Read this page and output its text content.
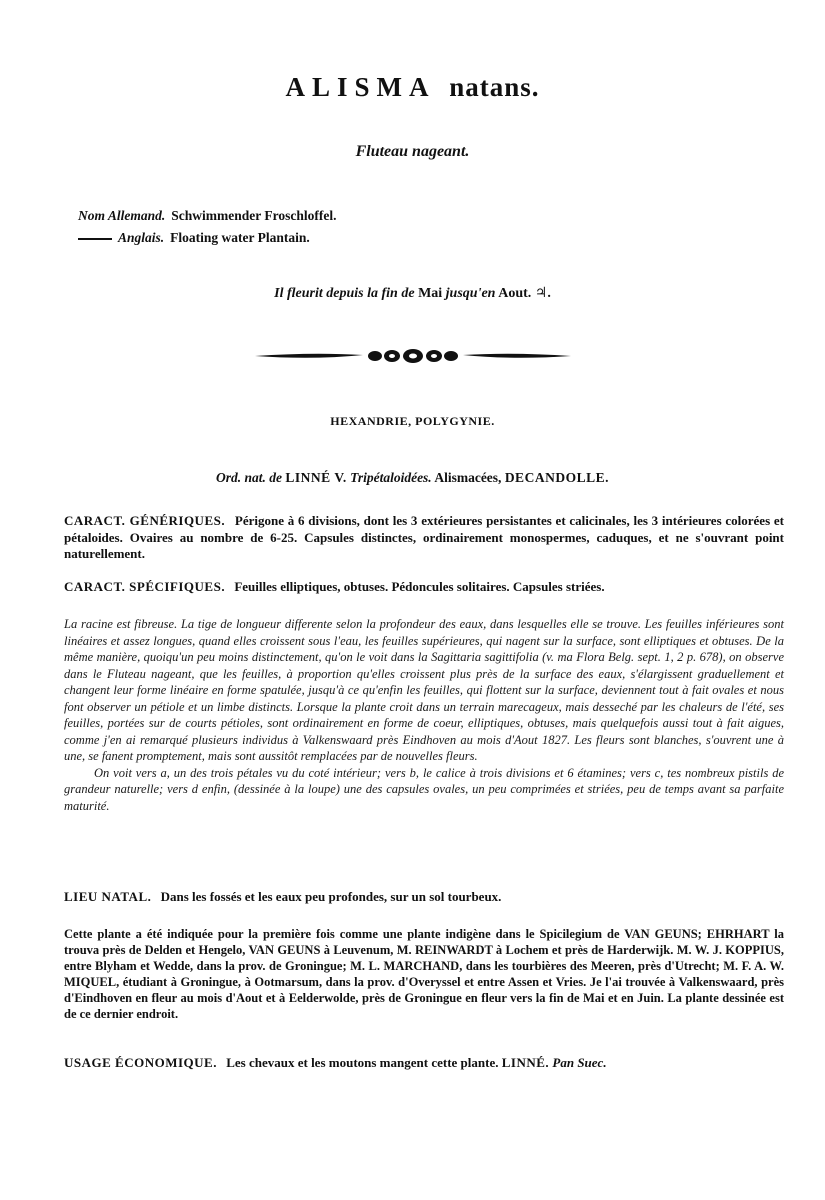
ALISMA natans.
Fluteau nageant.
Nom Allemand. Schwimmender Froschloffel.
Anglais. Floating water Plantain.
Il fleurit depuis la fin de Mai jusqu'en Aout. ♃.
HEXANDRIE, POLYGYNIE.
Ord. nat. de LINNÉ V. Tripétaloidées. Alismacées, DECANDOLLE.
CARACT. GÉNÉRIQUES. Périgone à 6 divisions, dont les 3 extérieures persistantes et calicinales, les 3 intérieures colorées et pétaloides. Ovaires au nombre de 6-25. Capsules distinctes, ordinairement monospermes, caduques, et ne s'ouvrant point naturellement.
CARACT. SPÉCIFIQUES. Feuilles elliptiques, obtuses. Pédoncules solitaires. Capsules striées.

La racine est fibreuse. La tige de longueur differente selon la profondeur des eaux, dans lesquelles elle se trouve. Les feuilles inférieures sont linéaires et assez longues, quand elles croissent sous l'eau, les feuilles supérieures, qui nagent sur la surface, sont elliptiques et obtuses. De la même manière, quoiqu'un peu moins distinctement, qu'on le voit dans la Sagittaria sagittifolia (v. ma Flora Belg. sept. 1, 2 p. 678), on observe dans le Fluteau nageant, que les feuilles, à proportion qu'elles croissent plus près de la surface des eaux, s'élargissent graduellement et changent leur forme linéaire en forme spatulée, jusqu'à ce qu'enfin les feuilles, qui flottent sur la surface, deviennent tout à fait ovales et nous font observer un pétiole et un limbe distincts. Lorsque la plante croit dans un terrain marecageux, mais desseché par les chaleurs de l'été, ses feuilles, portées sur de courts pétioles, sont ordinairement en forme de coeur, elliptiques, obtuses, mais quelquefois aussi tout à fait aigues, comme j'en ai remarqué plusieurs individus à Valkenswaard près Eindhoven au mois d'Aout 1827. Les fleurs sont blanches, s'ouvrent une à une, se fanent promptement, mais sont aussitôt remplacées par de nouvelles fleurs.

On voit vers a, un des trois pétales vu du coté intérieur; vers b, le calice à trois divisions et 6 étamines; vers c, tes nombreux pistils de grandeur naturelle; vers d enfin, (dessinée à la loupe) une des capsules ovales, un peu comprimées et striées, peu de temps avant sa parfaite maturité.

LIEU NATAL. Dans les fossés et les eaux peu profondes, sur un sol tourbeux.
Cette plante a été indiquée pour la première fois comme une plante indigène dans le Spicilegium de VAN GEUNS; EHRHART la trouva près de Delden et Hengelo, VAN GEUNS à Leuvenum, M. REINWARDT à Lochem et près de Harderwijk. M. W. J. KOPPIUS, entre Blyham et Wedde, dans la prov. de Groningue; M. L. MARCHAND, dans les tourbières des Meeren, près d'Utrecht; M. F. A. W. MIQUEL, étudiant à Groningue, à Ootmarsum, dans la prov. d'Overyssel et entre Assen et Vries. Je l'ai trouvée à Valkenswaard, près d'Eindhoven en fleur au mois d'Aout et à Eelderwolde, près de Groningue en fleur vers la fin de Mai et en Juin. La plante dessinée est de ce dernier endroit.
USAGE ÉCONOMIQUE. Les chevaux et les moutons mangent cette plante. LINNÉ. Pan Suec.
